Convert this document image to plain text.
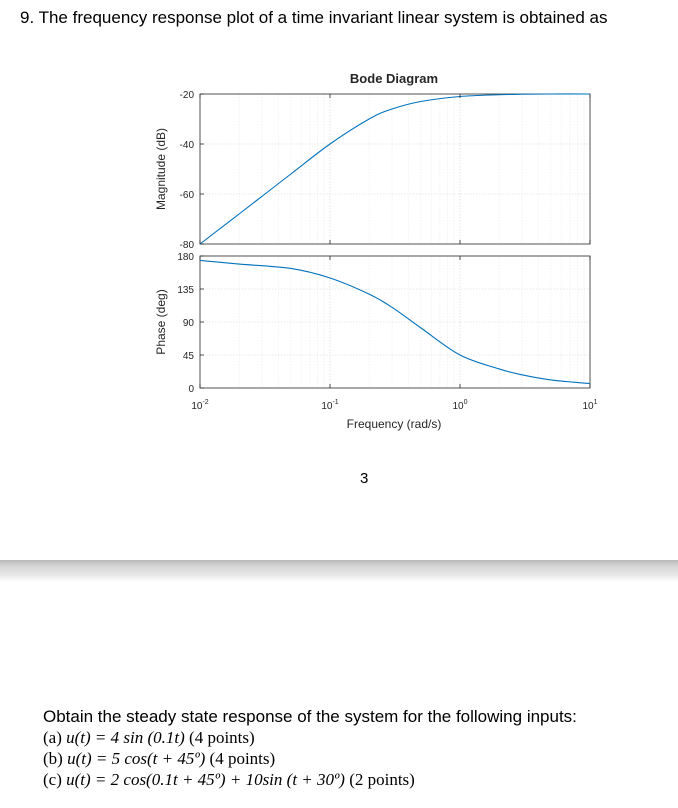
9. The frequency response plot of a time invariant linear system is obtained as
-20
-40
-60
-80
180
135
90
45
0
$10^{-2}$	$10^{-1}$	$10^0$	$10^1$
Bode Diagram
Frequency (rad/s)
Magnitude (dB)
Phase (deg)
3
Obtain the steady state response of the system for the following inputs:
(a) u(t) = 4 sin (0.1t) (4 points)
(b) u(t) = 5 cos(t + 45º) (4 points)
(c) u(t) = 2 cos(0.1t + 45º) + 10sin (t + 30º) (2 points)
